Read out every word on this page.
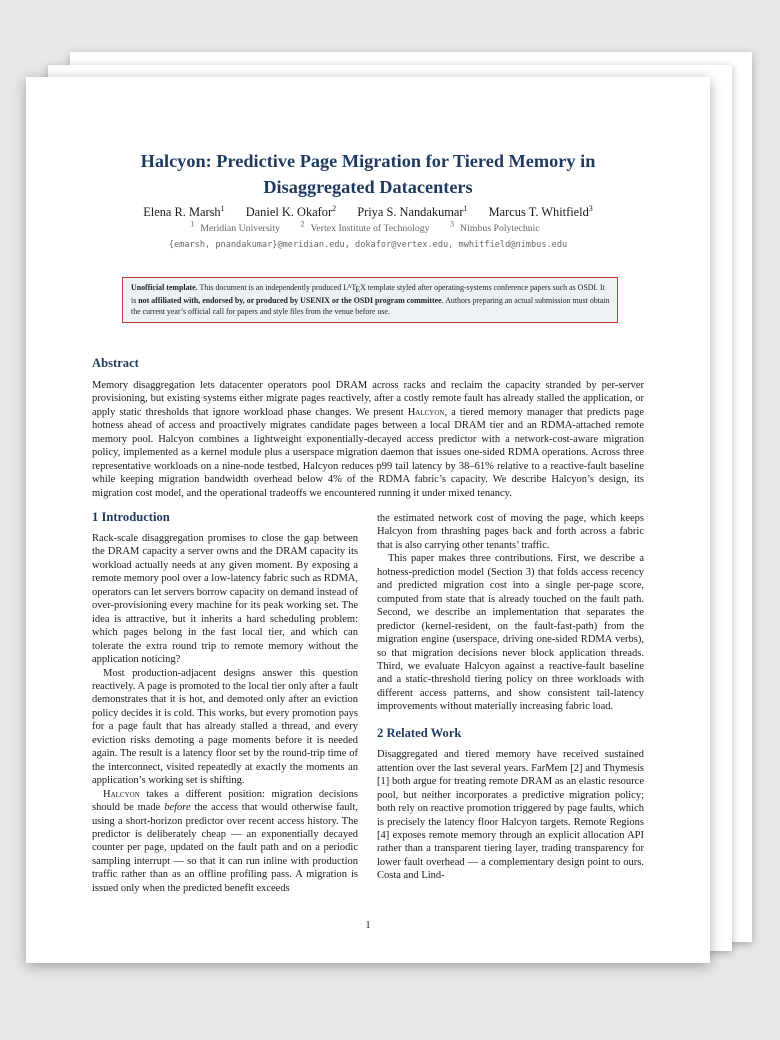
Halcyon: Predictive Page Migration for Tiered Memory in
Disaggregated Datacenters
Elena R. Marsh$^1$ Daniel K. Okafor$^2$ Priya S. Nandakumar$^1$ Marcus T. Whitfield$^3$
$^1$ Meridian University	$^2$ Vertex Institute of Technology	$^3$ Nimbus Polytechnic
{emarsh, pnandakumar}@meridian.edu, dokafor@vertex.edu, mwhitfield@nimbus.edu
Unofficial template. This document is an independently produced $L^ATEX$ template styled after operating-systems conference papers such as OSDI. It is not affiliated with, endorsed by, or produced by USENIX or the OSDI program committee. Authors preparing an actual submission must obtain the current year’s official call for papers and style files from the venue before use.
Abstract
Memory disaggregation lets datacenter operators pool DRAM across racks and reclaim the capacity stranded by per-server provisioning, but existing systems either migrate pages reactively, after a costly remote fault has already stalled the application, or apply static thresholds that ignore workload phase changes. We present Halcyon, a tiered memory manager that predicts page hotness ahead of access and proactively migrates candidate pages between a local DRAM tier and an RDMA-attached remote memory pool. Halcyon combines a lightweight exponentially-decayed access predictor with a network-cost-aware migration policy, implemented as a kernel module plus a userspace migration daemon that issues one-sided RDMA operations. Across three representative workloads on a nine-node testbed, Halcyon reduces p99 tail latency by 38–61% relative to a reactive-fault baseline while keeping migration bandwidth overhead below 4% of the RDMA fabric’s capacity. We describe Halcyon’s design, its migration cost model, and the operational tradeoffs we encountered running it under mixed tenancy.
1 Introduction

Rack-scale disaggregation promises to close the gap between the DRAM capacity a server owns and the DRAM capacity its workload actually needs at any given moment. By exposing a remote memory pool over a low-latency fabric such as RDMA, operators can let servers borrow capacity on demand instead of over-provisioning every machine for its peak working set. The idea is attractive, but it inherits a hard scheduling problem: which pages belong in the fast local tier, and which can tolerate the extra round trip to remote memory without the application noticing?

Most production-adjacent designs answer this question reactively. A page is promoted to the local tier only after a fault demonstrates that it is hot, and demoted only after an eviction policy decides it is cold. This works, but every promotion pays for a page fault that has already stalled a thread, and every eviction risks demoting a page moments before it is needed again. The result is a latency floor set by the round-trip time of the interconnect, visited repeatedly at exactly the moments an application’s working set is shifting.

Halcyon takes a different position: migration decisions should be made before the access that would otherwise fault, using a short-horizon predictor over recent access history. The predictor is deliberately cheap — an exponentially decayed counter per page, updated on the fault path and on a periodic sampling interrupt — so that it can run inline with production traffic rather than as an offline profiling pass. A migration is issued only when the predicted benefit exceeds

the estimated network cost of moving the page, which keeps Halcyon from thrashing pages back and forth across a fabric that is also carrying other tenants’ traffic.

This paper makes three contributions. First, we describe a hotness-prediction model (Section 3) that folds access recency and predicted migration cost into a single per-page score, computed from state that is already touched on the fault path. Second, we describe an implementation that separates the predictor (kernel-resident, on the fault-fast-path) from the migration engine (userspace, driving one-sided RDMA verbs), so that migration decisions never block application threads. Third, we evaluate Halcyon against a reactive-fault baseline and a static-threshold tiering policy on three workloads with different access patterns, and show consistent tail-latency improvements without materially increasing fabric load.

2 Related Work

Disaggregated and tiered memory have received sustained attention over the last several years. FarMem [2] and Thymesis [1] both argue for treating remote DRAM as an elastic resource pool, but neither incorporates a predictive migration policy; both rely on reactive promotion triggered by page faults, which is precisely the latency floor Halcyon targets. Remote Regions [4] exposes remote memory through an explicit allocation API rather than a transparent tiering layer, trading transparency for lower fault overhead — a complementary design point to ours. Costa and Lind-

1
